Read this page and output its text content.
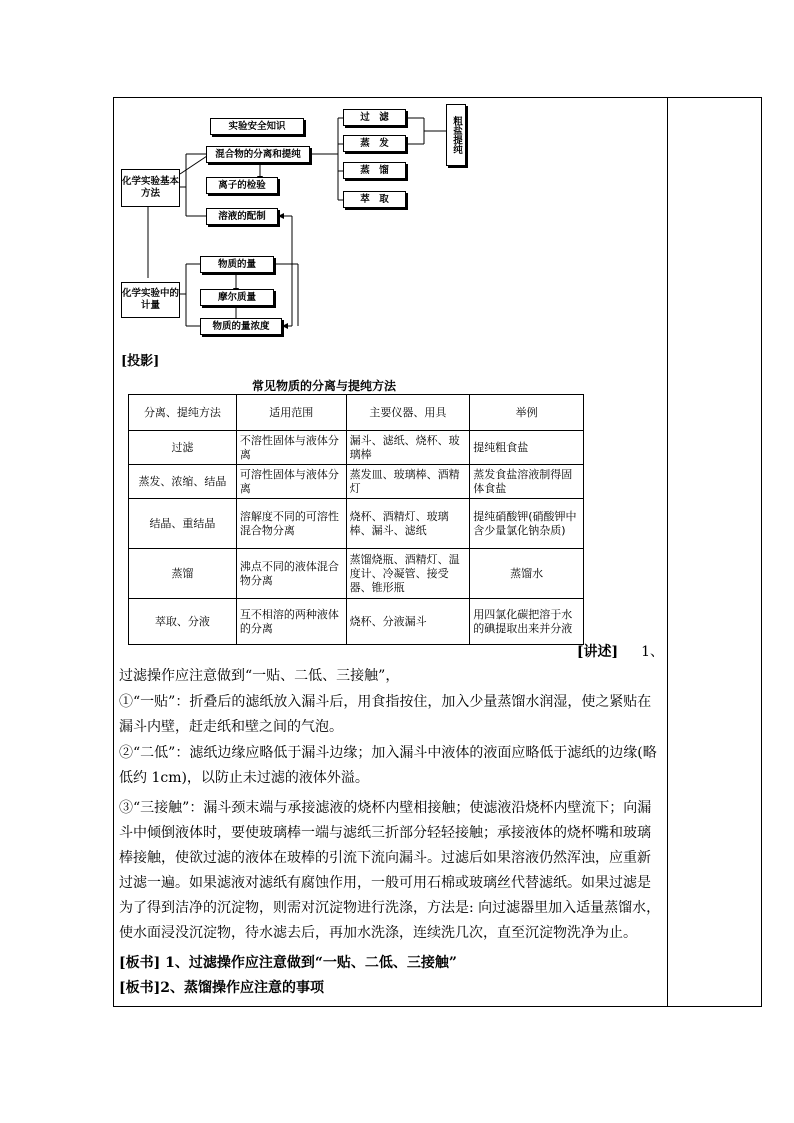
化学实验基本方法
实验安全知识
混合物的分离和提纯
离子的检验
溶液的配制
过　滤
蒸　发
蒸　馏
萃　取
粗盐提纯
化学实验中的计量
物质的量
摩尔质量
物质的量浓度
[投影]
常见物质的分离与提纯方法
分离、提纯方法	适用范围	主要仪器、用具	举例
过滤	不溶性固体与液体分离	漏斗、滤纸、烧杯、玻璃棒	提纯粗食盐
蒸发、浓缩、结晶	可溶性固体与液体分离	蒸发皿、玻璃棒、酒精灯	蒸发食盐溶液制得固体食盐
结晶、重结晶	溶解度不同的可溶性混合物分离	烧杯、酒精灯、玻璃棒、漏斗、滤纸	提纯硝酸钾(硝酸钾中含少量氯化钠杂质)
蒸馏	沸点不同的液体混合物分离	蒸馏烧瓶、酒精灯、温度计、冷凝管、接受器、锥形瓶	蒸馏水
萃取、分液	互不相溶的两种液体的分离	烧杯、分液漏斗	用四氯化碳把溶于水的碘提取出来并分液
[讲述] 1、
过滤操作应注意做到“一贴、二低、三接触”，
①“一贴”：折叠后的滤纸放入漏斗后，用食指按住，加入少量蒸馏水润湿，使之紧贴在漏斗内壁，赶走纸和壁之间的气泡。
②“二低”：滤纸边缘应略低于漏斗边缘；加入漏斗中液体的液面应略低于滤纸的边缘(略低约 1cm)，以防止未过滤的液体外溢。
③“三接触”：漏斗颈末端与承接滤液的烧杯内壁相接触；使滤液沿烧杯内壁流下；向漏斗中倾倒液体时，要使玻璃棒一端与滤纸三折部分轻轻接触；承接液体的烧杯嘴和玻璃棒接触，使欲过滤的液体在玻棒的引流下流向漏斗。过滤后如果溶液仍然浑浊，应重新过滤一遍。如果滤液对滤纸有腐蚀作用，一般可用石棉或玻璃丝代替滤纸。如果过滤是为了得到洁净的沉淀物，则需对沉淀物进行洗涤，方法是: 向过滤器里加入适量蒸馏水，使水面浸没沉淀物，待水滤去后，再加水洗涤，连续洗几次，直至沉淀物洗净为止。
[板书] 1、过滤操作应注意做到“一贴、二低、三接触”
[板书]2、蒸馏操作应注意的事项
